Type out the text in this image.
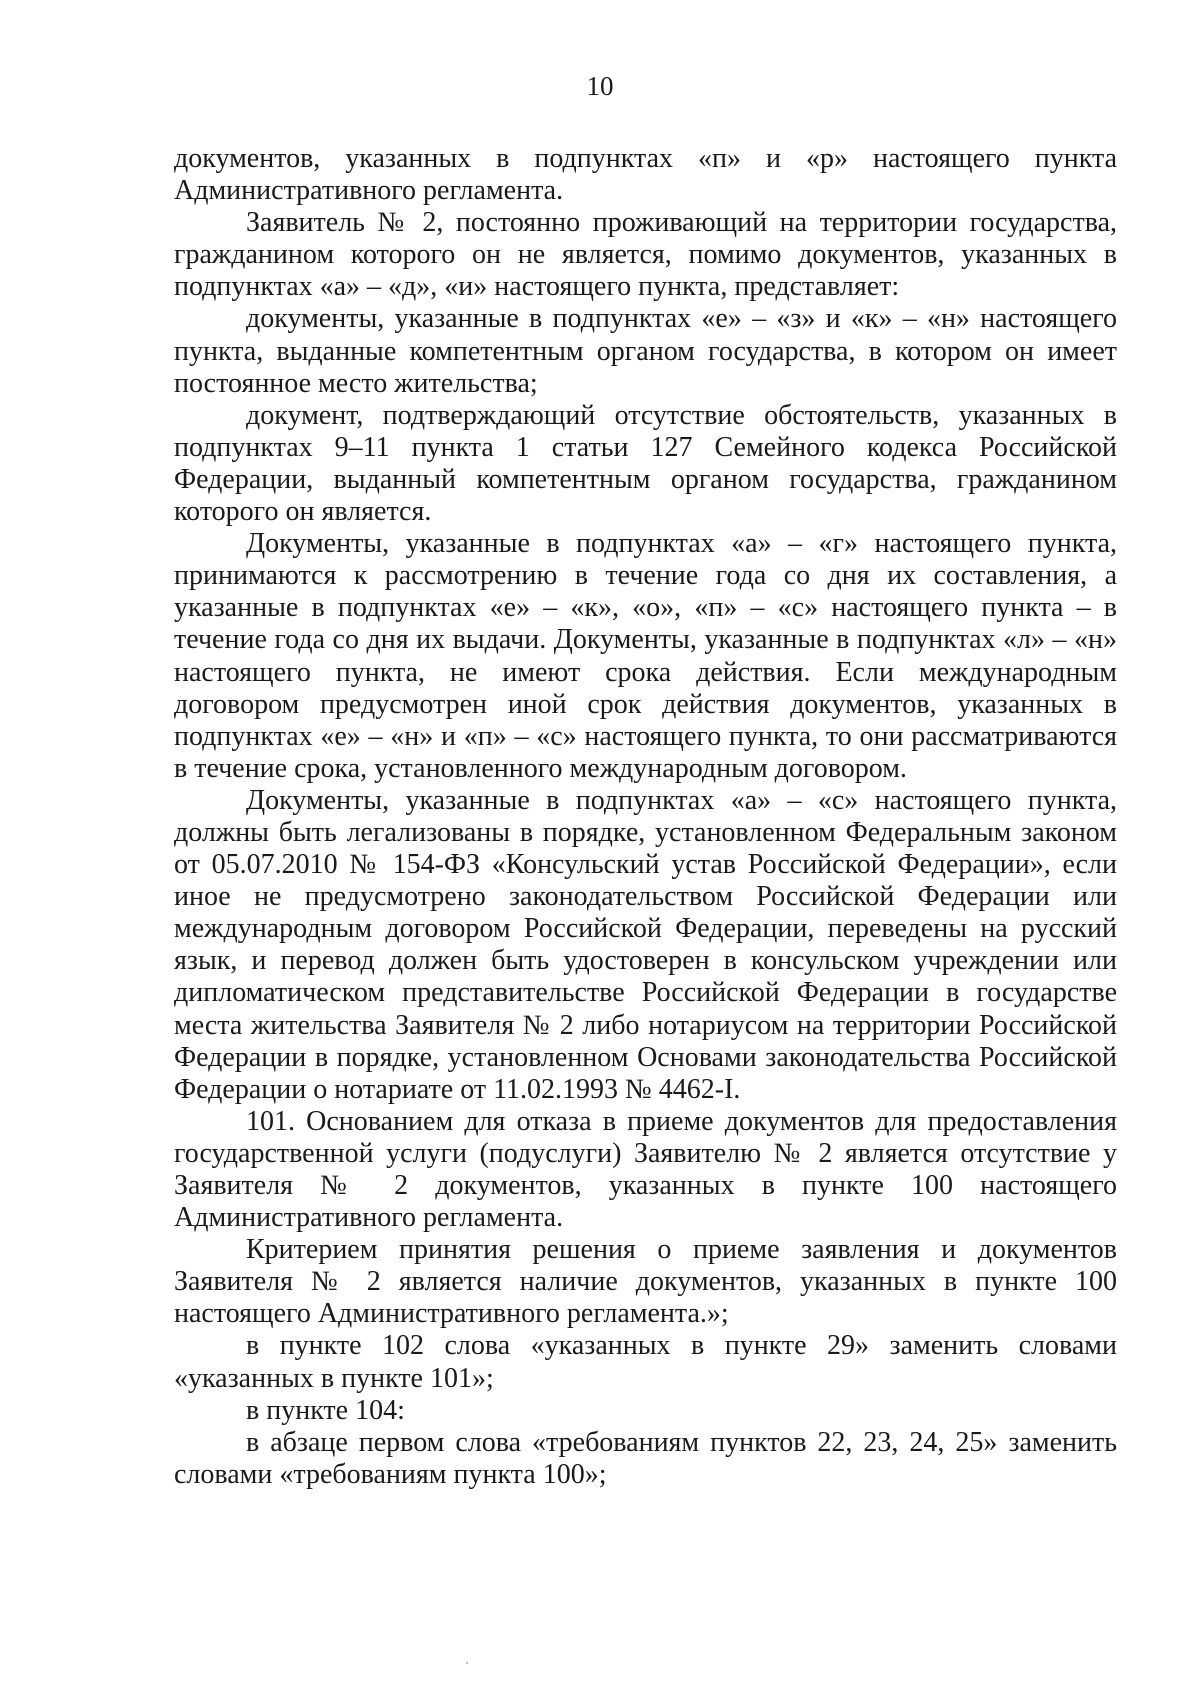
10

документов, указанных в подпунктах «п» и «р» настоящего пункта Административного регламента.

Заявитель № 2, постоянно проживающий на территории государства, гражданином которого он не является, помимо документов, указанных в подпунктах «а» – «д», «и» настоящего пункта, представляет:

документы, указанные в подпунктах «е» – «з» и «к» – «н» настоящего пункта, выданные компетентным органом государства, в котором он имеет постоянное место жительства;

документ, подтверждающий отсутствие обстоятельств, указанных в подпунктах 9–11 пункта 1 статьи 127 Семейного кодекса Российской Федерации, выданный компетентным органом государства, гражданином которого он является.

Документы, указанные в подпунктах «а» – «г» настоящего пункта, принимаются к рассмотрению в течение года со дня их составления, а указанные в подпунктах «е» – «к», «о», «п» – «с» настоящего пункта – в течение года со дня их выдачи. Документы, указанные в подпунктах «л» – «н» настоящего пункта, не имеют срока действия. Если международным договором предусмотрен иной срок действия документов, указанных в подпунктах «е» – «н» и «п» – «с» настоящего пункта, то они рассматриваются в течение срока, установленного международным договором.

Документы, указанные в подпунктах «а» – «с» настоящего пункта, должны быть легализованы в порядке, установленном Федеральным законом от 05.07.2010 № 154-ФЗ «Консульский устав Российской Федерации», если иное не предусмотрено законодательством Российской Федерации или международным договором Российской Федерации, переведены на русский язык, и перевод должен быть удостоверен в консульском учреждении или дипломатическом представительстве Российской Федерации в государстве места жительства Заявителя № 2 либо нотариусом на территории Российской Федерации в порядке, установленном Основами законодательства Российской Федерации о нотариате от 11.02.1993 № 4462-I.

101. Основанием для отказа в приеме документов для предоставления государственной услуги (подуслуги) Заявителю № 2 является отсутствие у Заявителя № 2 документов, указанных в пункте 100 настоящего Административного регламента.

Критерием принятия решения о приеме заявления и документов Заявителя № 2 является наличие документов, указанных в пункте 100 настоящего Административного регламента.»;

в пункте 102 слова «указанных в пункте 29» заменить словами «указанных в пункте 101»;

в пункте 104:

в абзаце первом слова «требованиям пунктов 22, 23, 24, 25» заменить словами «требованиям пункта 100»;
